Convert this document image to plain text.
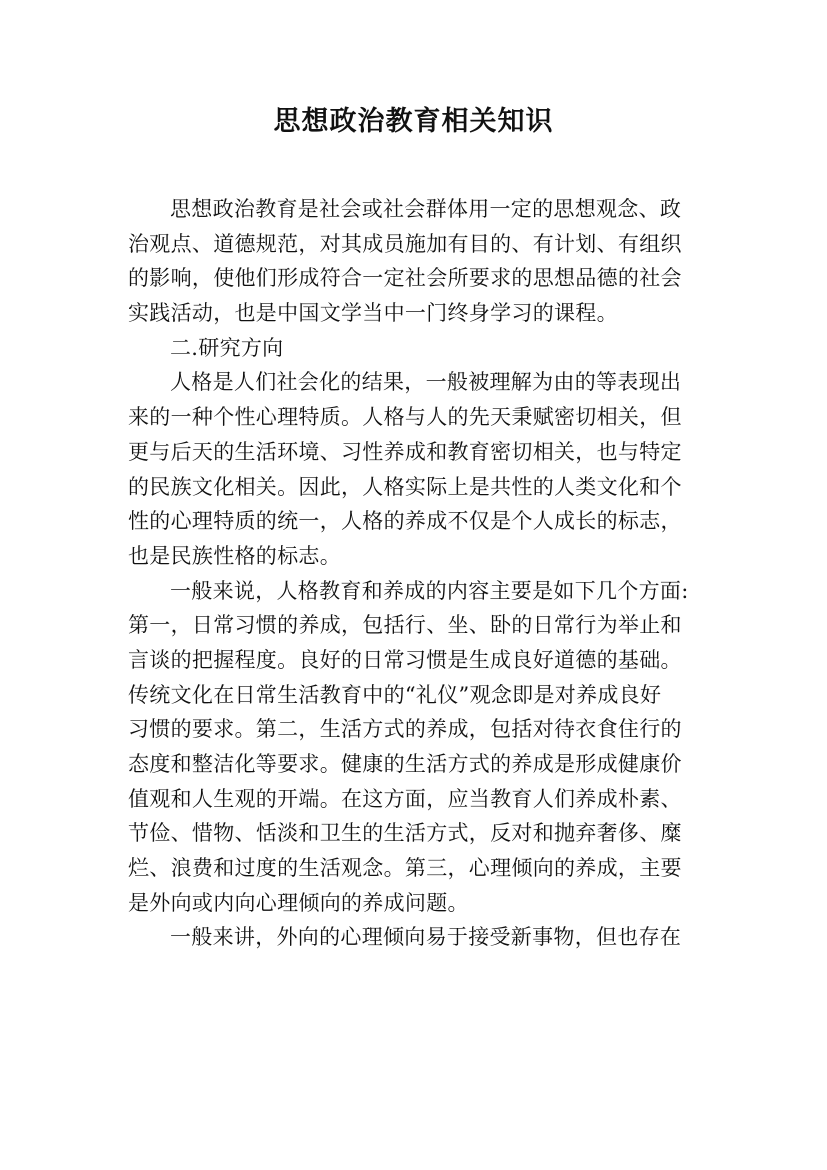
思想政治教育相关知识
思想政治教育是社会或社会群体用一定的思想观念、政
治观点、道德规范，对其成员施加有目的、有计划、有组织
的影响，使他们形成符合一定社会所要求的思想品德的社会
实践活动，也是中国文学当中一门终身学习的课程。
二.研究方向
人格是人们社会化的结果，一般被理解为由的等表现出
来的一种个性心理特质。人格与人的先天秉赋密切相关，但
更与后天的生活环境、习性养成和教育密切相关，也与特定
的民族文化相关。因此，人格实际上是共性的人类文化和个
性的心理特质的统一，人格的养成不仅是个人成长的标志，
也是民族性格的标志。
一般来说，人格教育和养成的内容主要是如下几个方面:
第一，日常习惯的养成，包括行、坐、卧的日常行为举止和
言谈的把握程度。良好的日常习惯是生成良好道德的基础。
传统文化在日常生活教育中的“礼仪”观念即是对养成良好
习惯的要求。第二，生活方式的养成，包括对待衣食住行的
态度和整洁化等要求。健康的生活方式的养成是形成健康价
值观和人生观的开端。在这方面，应当教育人们养成朴素、
节俭、惜物、恬淡和卫生的生活方式，反对和抛弃奢侈、糜
烂、浪费和过度的生活观念。第三，心理倾向的养成，主要
是外向或内向心理倾向的养成问题。
一般来讲，外向的心理倾向易于接受新事物，但也存在
